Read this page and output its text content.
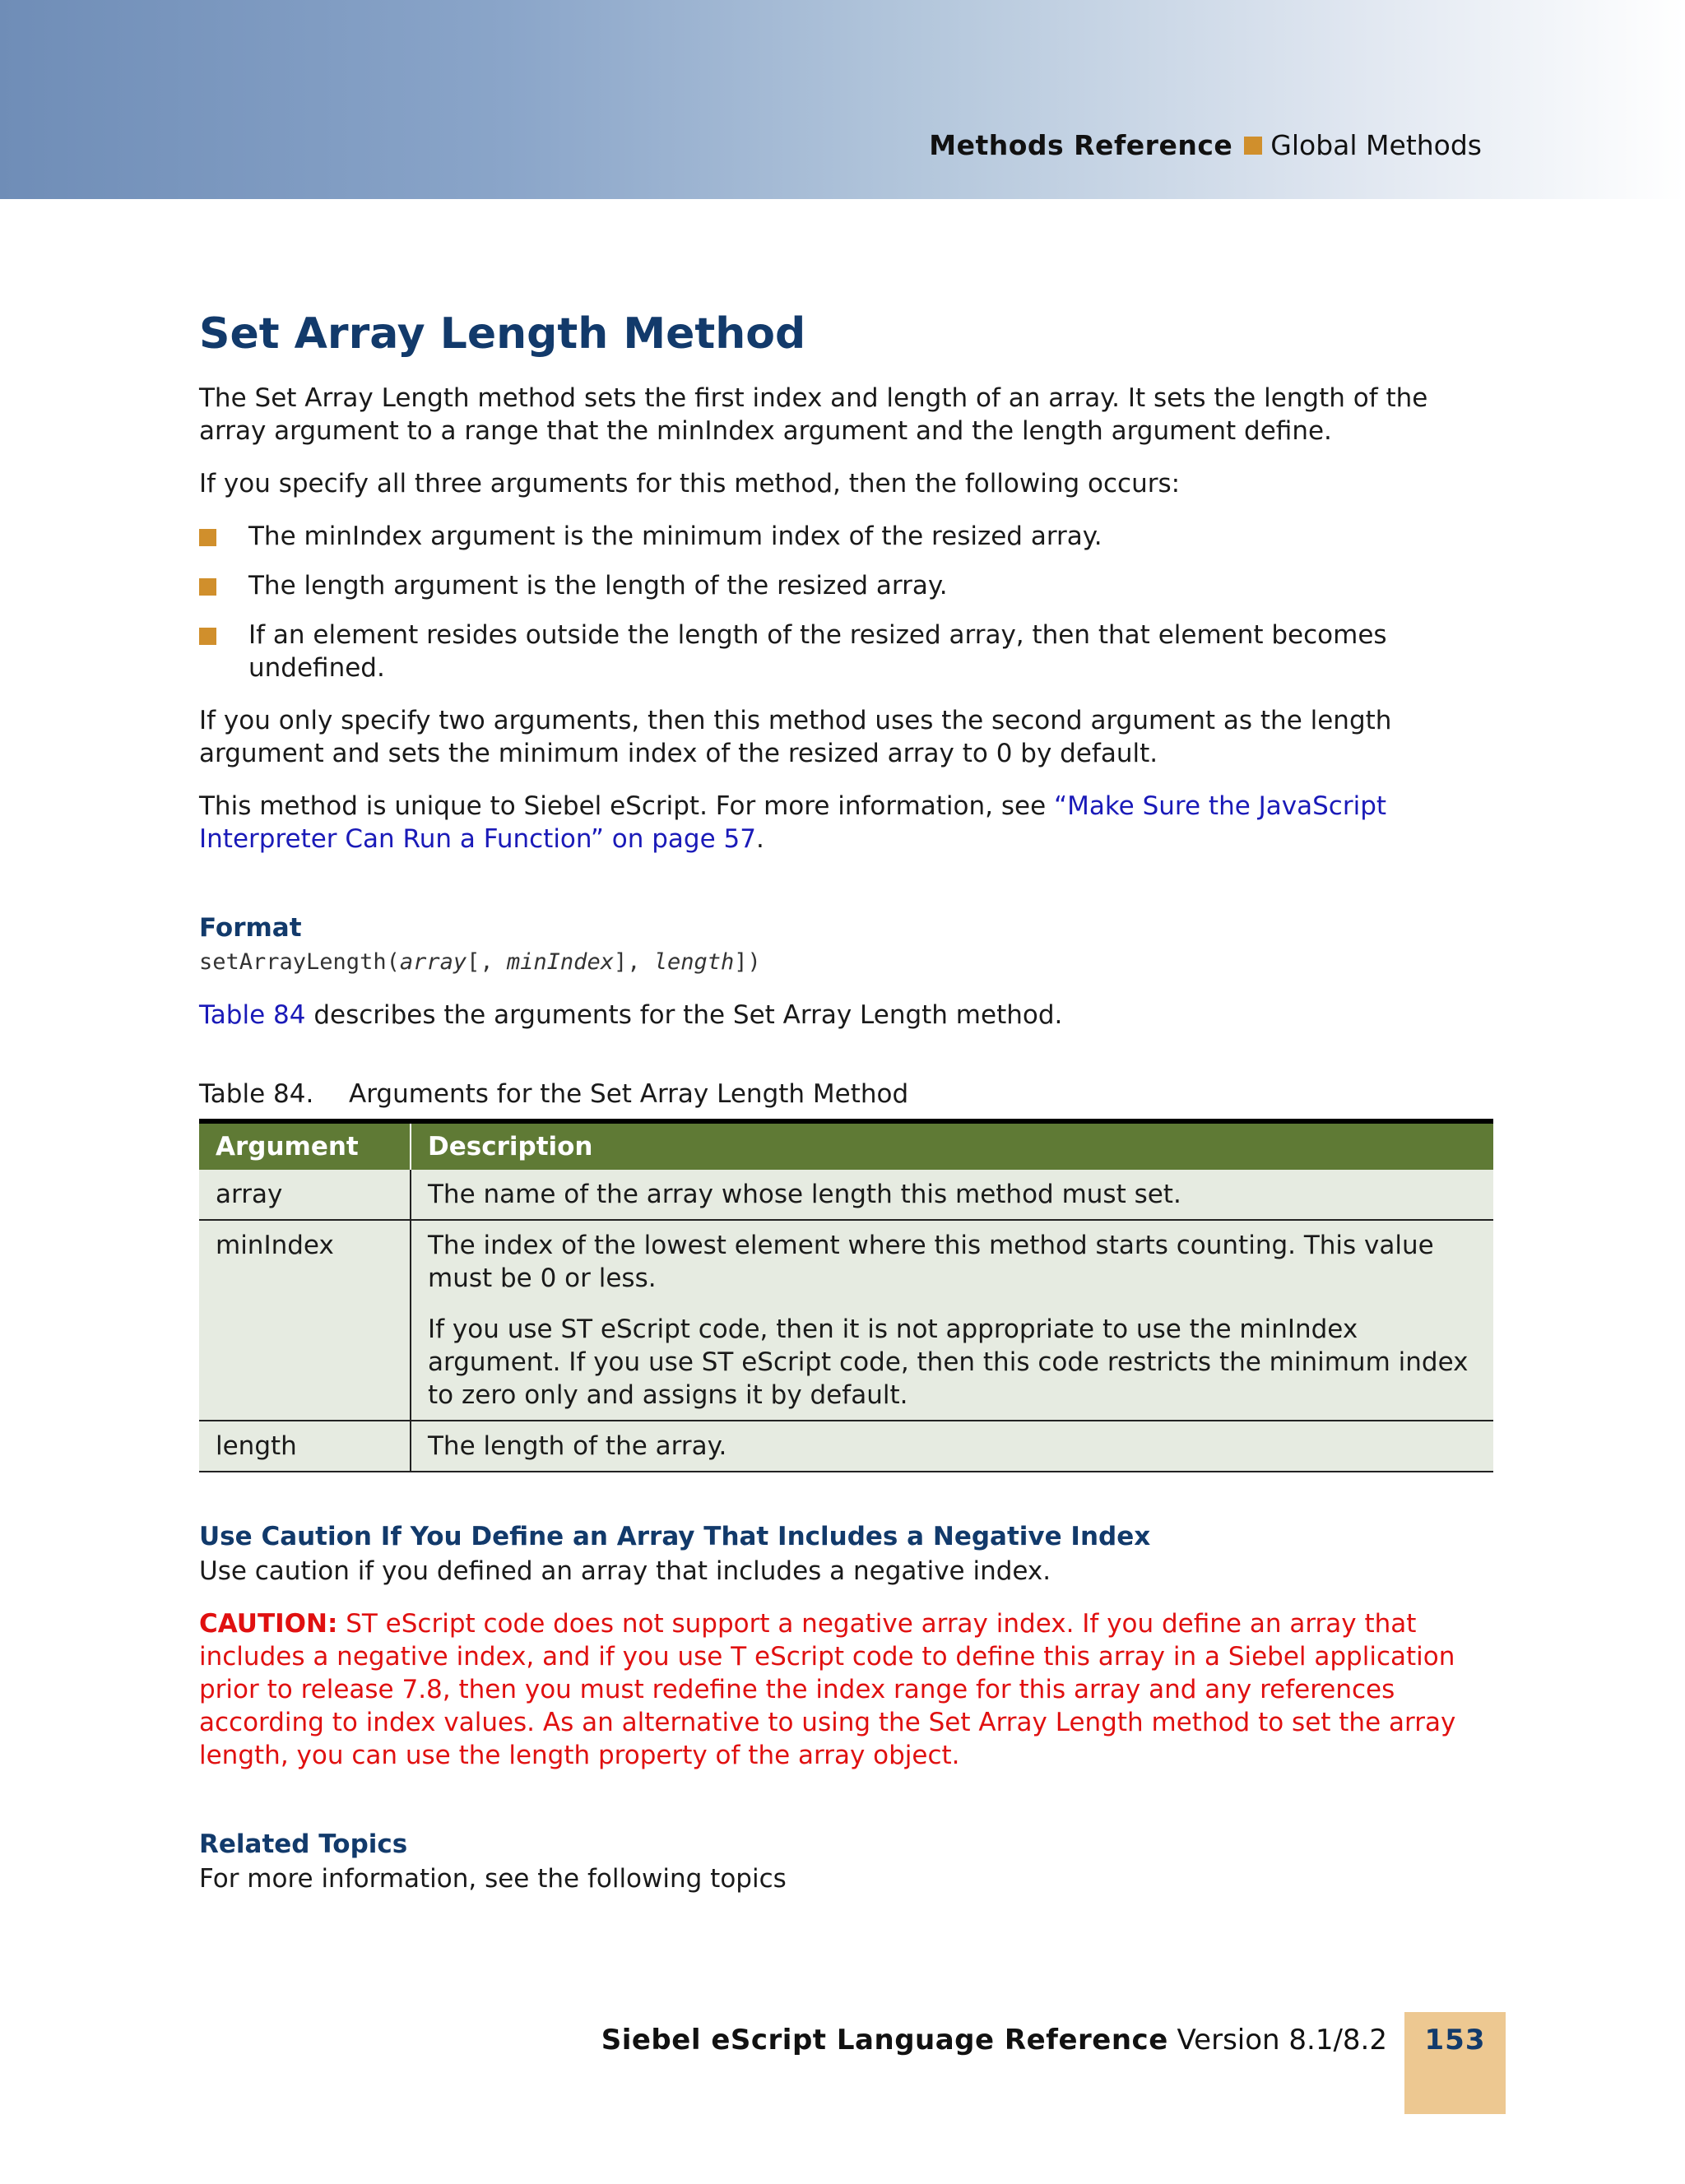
Methods Reference Global Methods
Set Array Length Method

The Set Array Length method sets the first index and length of an array. It sets the length of the array argument to a range that the minIndex argument and the length argument define.

If you specify all three arguments for this method, then the following occurs:

The minIndex argument is the minimum index of the resized array.
The length argument is the length of the resized array.
If an element resides outside the length of the resized array, then that element becomes undefined.

If you only specify two arguments, then this method uses the second argument as the length argument and sets the minimum index of the resized array to 0 by default.

This method is unique to Siebel eScript. For more information, see “Make Sure the JavaScript Interpreter Can Run a Function” on page 57.

Format
setArrayLength(array[, minIndex], length])

Table 84 describes the arguments for the Set Array Length method.

Table 84. Arguments for the Set Array Length Method
Argument	Description
array	The name of the array whose length this method must set.

minIndex	The index of the lowest element where this method starts counting. This value must be 0 or less.

If you use ST eScript code, then it is not appropriate to use the minIndex argument. If you use ST eScript code, then this code restricts the minimum index to zero only and assigns it by default.

length	The length of the array.

Use Caution If You Define an Array That Includes a Negative Index

Use caution if you defined an array that includes a negative index.

CAUTION: ST eScript code does not support a negative array index. If you define an array that includes a negative index, and if you use T eScript code to define this array in a Siebel application prior to release 7.8, then you must redefine the index range for this array and any references according to index values. As an alternative to using the Set Array Length method to set the array length, you can use the length property of the array object.

Related Topics

For more information, see the following topics

Siebel eScript Language Reference Version 8.1/8.2	153
